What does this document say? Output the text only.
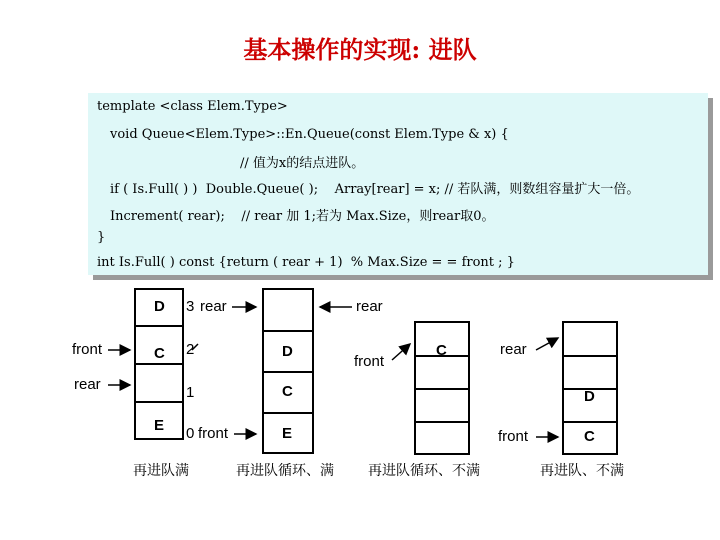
基本操作的实现: 进队
template <class Elem.Type>
void Queue<Elem.Type>::En.Queue(const Elem.Type & x) {
// 值为x的结点进队。
if ( Is.Full( ) )  Double.Queue( );    Array[rear] = x; // 若队满，则数组容量扩大一倍。
Increment( rear);    // rear 加 1;若为 Max.Size，则rear取0。
}
int Is.Full( ) const {return ( rear + 1)  % Max.Size = = front ; }
D
C
E
3 rear
2
1
0 front
front
rear
再进队满
D
C
E
rear
再进队循环、满
C
front
再进队循环、不满
D
C
rear
front
再进队、不满
